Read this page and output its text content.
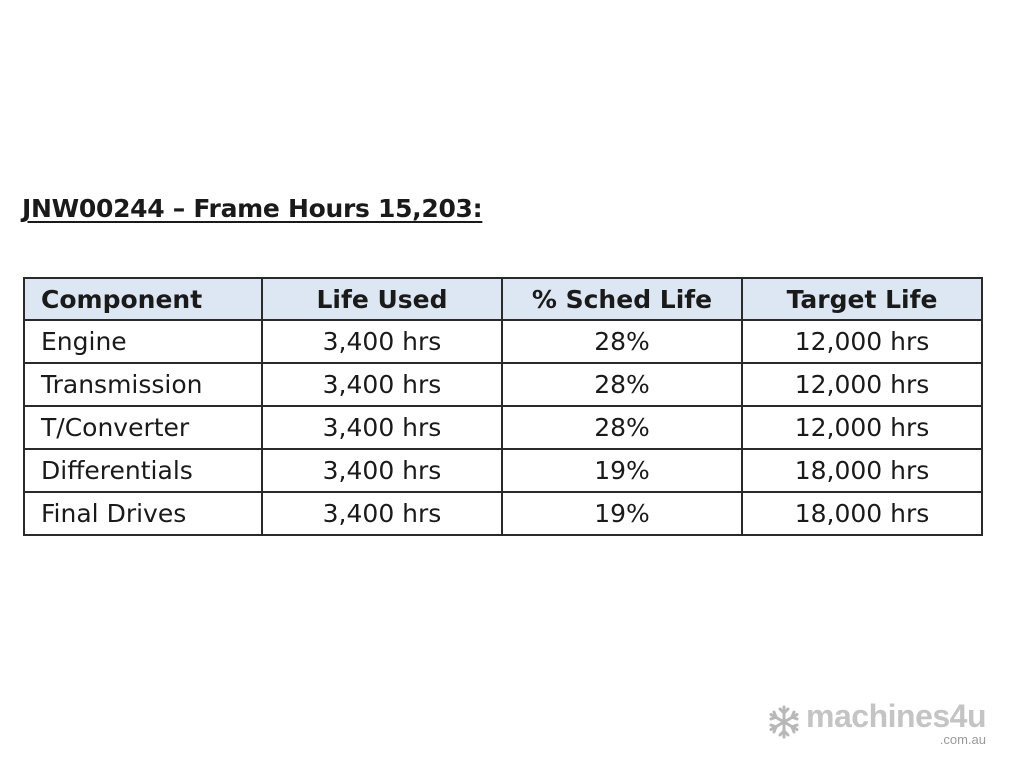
JNW00244 – Frame Hours 15,203:
Component	Life Used	% Sched Life	Target Life
Engine	3,400 hrs	28%	12,000 hrs
Transmission	3,400 hrs	28%	12,000 hrs
T/Converter	3,400 hrs	28%	12,000 hrs
Differentials	3,400 hrs	19%	18,000 hrs
Final Drives	3,400 hrs	19%	18,000 hrs
machines4u
.com.au
